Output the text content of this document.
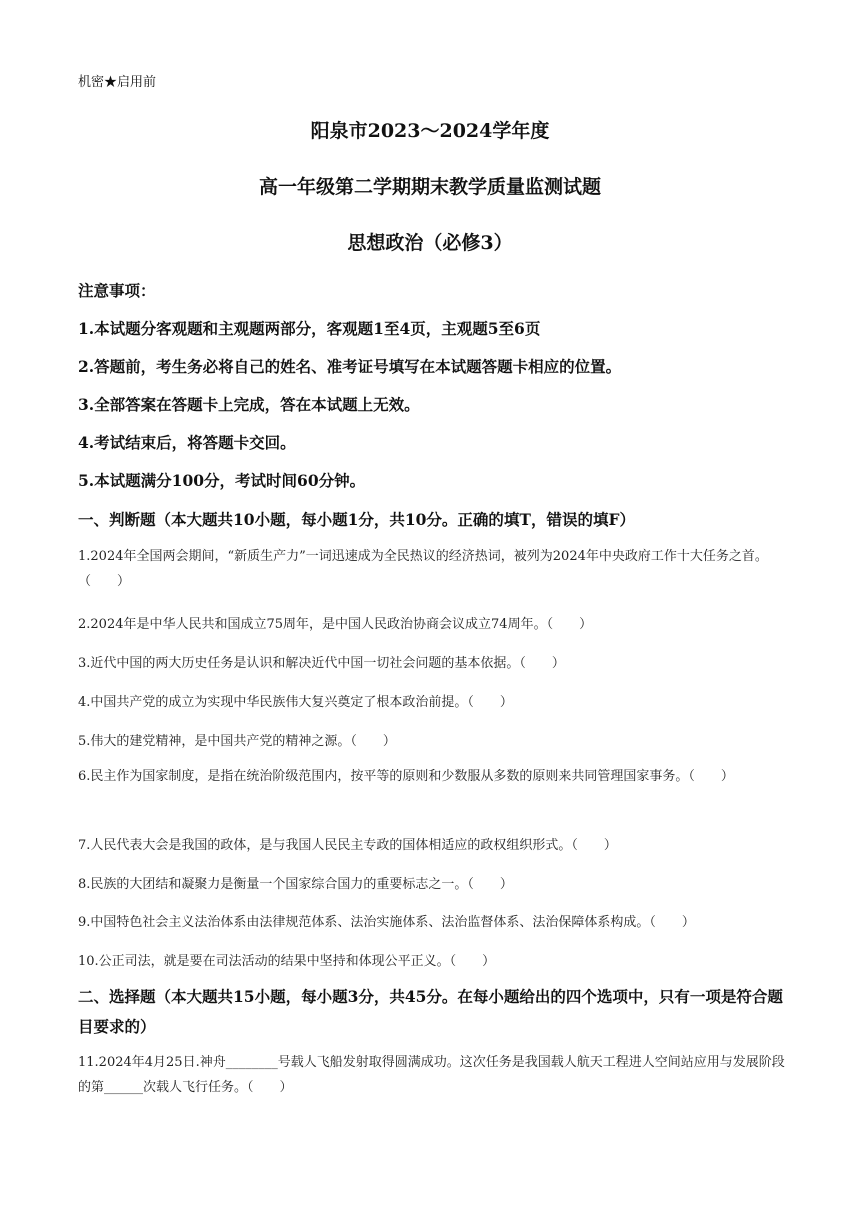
机密★启用前
阳泉市2023～2024学年度
高一年级第二学期期末教学质量监测试题
思想政治（必修3）
注意事项：
1.本试题分客观题和主观题两部分，客观题1至4页，主观题5至6页
2.答题前，考生务必将自己的姓名、准考证号填写在本试题答题卡相应的位置。
3.全部答案在答题卡上完成，答在本试题上无效。
4.考试结束后，将答题卡交回。
5.本试题满分100分，考试时间60分钟。
一、判断题（本大题共10小题，每小题1分，共10分。正确的填T，错误的填F）
1.2024年全国两会期间，“新质生产力”一词迅速成为全民热议的经济热词，被列为2024年中央政府工作十大任务之首。（　　）
2.2024年是中华人民共和国成立75周年，是中国人民政治协商会议成立74周年。（　　）
3.近代中国的两大历史任务是认识和解决近代中国一切社会问题的基本依据。（　　）
4.中国共产党的成立为实现中华民族伟大复兴奠定了根本政治前提。（　　）
5.伟大的建党精神，是中国共产党的精神之源。（　　）
6.民主作为国家制度，是指在统治阶级范围内，按平等的原则和少数服从多数的原则来共同管理国家事务。（　　）
7.人民代表大会是我国的政体，是与我国人民民主专政的国体相适应的政权组织形式。（　　）
8.民族的大团结和凝聚力是衡量一个国家综合国力的重要标志之一。（　　）
9.中国特色社会主义法治体系由法律规范体系、法治实施体系、法治监督体系、法治保障体系构成。（　　）
10.公正司法，就是要在司法活动的结果中坚持和体现公平正义。（　　）
二、选择题（本大题共15小题，每小题3分，共45分。在每小题给出的四个选项中，只有一项是符合题目要求的）
11.2024年4月25日.神舟________号载人飞船发射取得圆满成功。这次任务是我国载人航天工程进人空间站应用与发展阶段的第______次载人飞行任务。（　　）
